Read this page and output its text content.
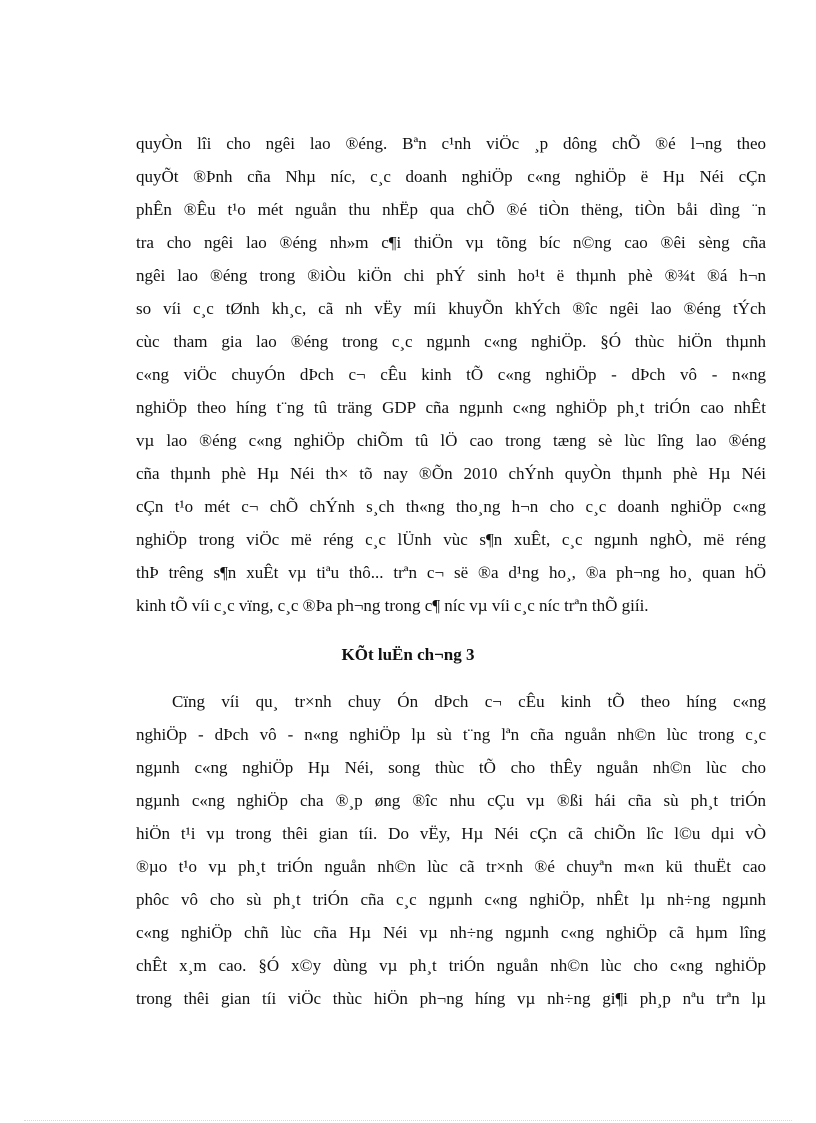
quyÒn lîi cho ngêi lao ®éng. Bªn c¹nh viÖc ¸p dông chÕ ®é l¬ng theo
quyÕt ®Þnh cña Nhµ níc, c¸c doanh nghiÖp c«ng nghiÖp ë Hµ Néi cÇn
phÊn ®Êu t¹o mét nguån thu nhËp qua chÕ ®é tiÒn thëng, tiÒn båi dìng ¨n
tra cho ngêi lao ®éng nh»m c¶i thiÖn vµ tõng bíc n©ng cao ®êi sèng cña
ngêi lao ®éng trong ®iÒu kiÖn chi phÝ sinh ho¹t ë thµnh phè ®¾t ®á h¬n
so víi c¸c tØnh kh¸c, cã nh vËy míi khuyÕn khÝch ®îc ngêi lao ®éng tÝch
cùc tham gia lao ®éng trong c¸c ngµnh c«ng nghiÖp. §Ó thùc hiÖn thµnh
c«ng viÖc chuyÓn dÞch c¬ cÊu kinh tÕ c«ng nghiÖp - dÞch vô - n«ng
nghiÖp theo híng t¨ng tû träng GDP cña ngµnh c«ng nghiÖp ph¸t triÓn cao nhÊt
vµ lao ®éng c«ng nghiÖp chiÕm tû lÖ cao trong tæng sè lùc lîng lao ®éng
cña thµnh phè Hµ Néi th× tõ nay ®Õn 2010 chÝnh quyÒn thµnh phè Hµ Néi
cÇn t¹o mét c¬ chÕ chÝnh s¸ch th«ng tho¸ng h¬n cho c¸c doanh nghiÖp c«ng
nghiÖp trong viÖc më réng c¸c lÜnh vùc s¶n xuÊt, c¸c ngµnh nghÒ, më réng
thÞ trêng s¶n xuÊt vµ tiªu thô... trªn c¬ së ®a d¹ng ho¸, ®a ph¬ng ho¸ quan hÖ
kinh tÕ víi c¸c vïng, c¸c ®Þa ph¬ng trong c¶ níc vµ víi c¸c níc trªn thÕ giíi.
KÕt luËn ch¬ng 3
Cïng víi qu¸ tr×nh chuy Ón dÞch c¬ cÊu kinh tÕ theo híng c«ng
nghiÖp - dÞch vô - n«ng nghiÖp lµ sù t¨ng lªn cña nguån nh©n lùc trong c¸c
ngµnh c«ng nghiÖp Hµ Néi, song thùc tÕ cho thÊy nguån nh©n lùc cho
ngµnh c«ng nghiÖp cha ®¸p øng ®îc nhu cÇu vµ ®ßi hái cña sù ph¸t triÓn
hiÖn t¹i vµ trong thêi gian tíi. Do vËy, Hµ Néi cÇn cã chiÕn lîc l©u dµi vÒ
®µo t¹o vµ ph¸t triÓn nguån nh©n lùc cã tr×nh ®é chuyªn m«n kü thuËt cao
phôc vô cho sù ph¸t triÓn cña c¸c ngµnh c«ng nghiÖp, nhÊt lµ nh÷ng ngµnh
c«ng nghiÖp chñ lùc cña Hµ Néi vµ nh÷ng ngµnh c«ng nghiÖp cã hµm lîng
chÊt x¸m cao. §Ó x©y dùng vµ ph¸t triÓn nguån nh©n lùc cho c«ng nghiÖp
trong thêi gian tíi viÖc thùc hiÖn ph¬ng híng vµ nh÷ng gi¶i ph¸p nªu trªn lµ
